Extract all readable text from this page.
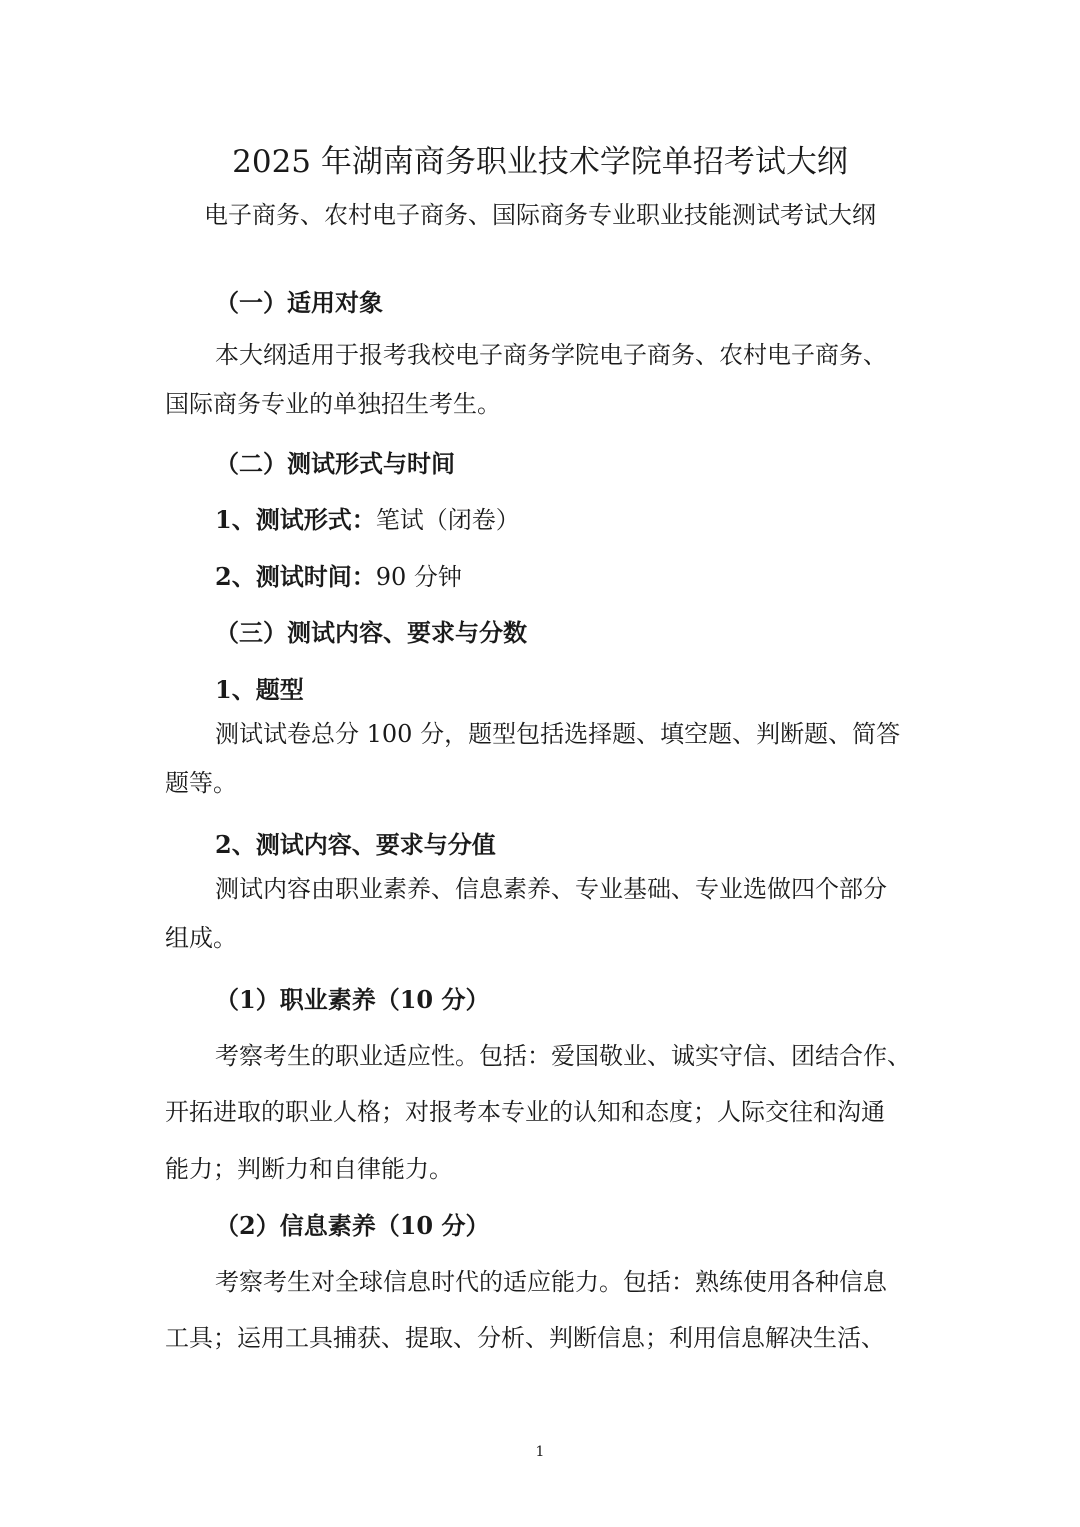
2025 年湖南商务职业技术学院单招考试大纲
电子商务、农村电子商务、国际商务专业职业技能测试考试大纲
（一）适用对象
本大纲适用于报考我校电子商务学院电子商务、农村电子商务、
国际商务专业的单独招生考生。
（二）测试形式与时间
1、测试形式：笔试（闭卷）
2、测试时间：90 分钟
（三）测试内容、要求与分数
1、题型
测试试卷总分 100 分，题型包括选择题、填空题、判断题、简答
题等。
2、测试内容、要求与分值
测试内容由职业素养、信息素养、专业基础、专业选做四个部分
组成。
（1）职业素养（10 分）
考察考生的职业适应性。包括：爱国敬业、诚实守信、团结合作、
开拓进取的职业人格；对报考本专业的认知和态度；人际交往和沟通
能力；判断力和自律能力。
（2）信息素养（10 分）
考察考生对全球信息时代的适应能力。包括：熟练使用各种信息
工具；运用工具捕获、提取、分析、判断信息；利用信息解决生活、
1
